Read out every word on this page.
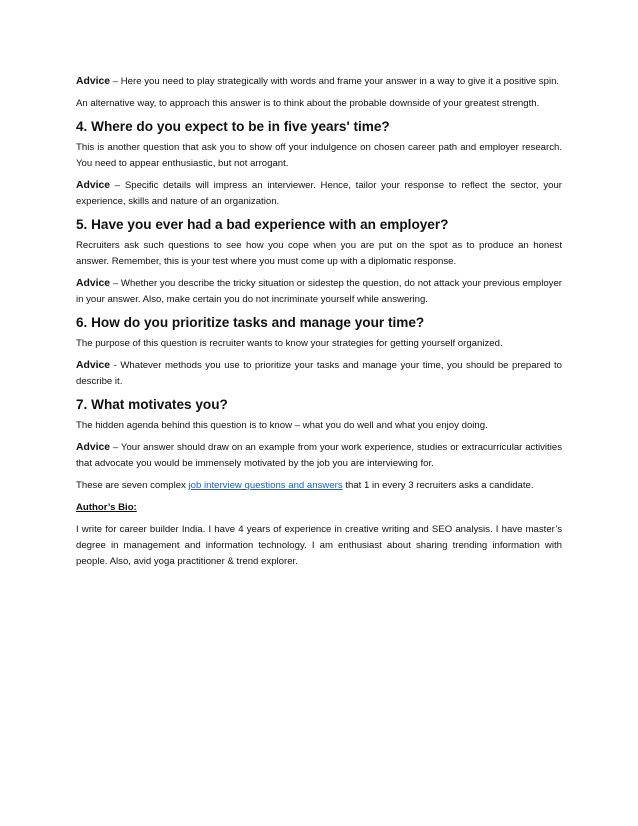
Advice – Here you need to play strategically with words and frame your answer in a way to give it a positive spin.

An alternative way, to approach this answer is to think about the probable downside of your greatest strength.

4. Where do you expect to be in five years' time?

This is another question that ask you to show off your indulgence on chosen career path and employer research. You need to appear enthusiastic, but not arrogant.

Advice – Specific details will impress an interviewer. Hence, tailor your response to reflect the sector, your experience, skills and nature of an organization.

5. Have you ever had a bad experience with an employer?

Recruiters ask such questions to see how you cope when you are put on the spot as to produce an honest answer. Remember, this is your test where you must come up with a diplomatic response.

Advice – Whether you describe the tricky situation or sidestep the question, do not attack your previous employer in your answer. Also, make certain you do not incriminate yourself while answering.

6. How do you prioritize tasks and manage your time?

The purpose of this question is recruiter wants to know your strategies for getting yourself organized.

Advice - Whatever methods you use to prioritize your tasks and manage your time, you should be prepared to describe it.

7. What motivates you?

The hidden agenda behind this question is to know – what you do well and what you enjoy doing.

Advice – Your answer should draw on an example from your work experience, studies or extracurricular activities that advocate you would be immensely motivated by the job you are interviewing for.

These are seven complex job interview questions and answers that 1 in every 3 recruiters asks a candidate.

Author’s Bio:

I write for career builder India. I have 4 years of experience in creative writing and SEO analysis. I have master’s degree in management and information technology. I am enthusiast about sharing trending information with people. Also, avid yoga practitioner & trend explorer.
